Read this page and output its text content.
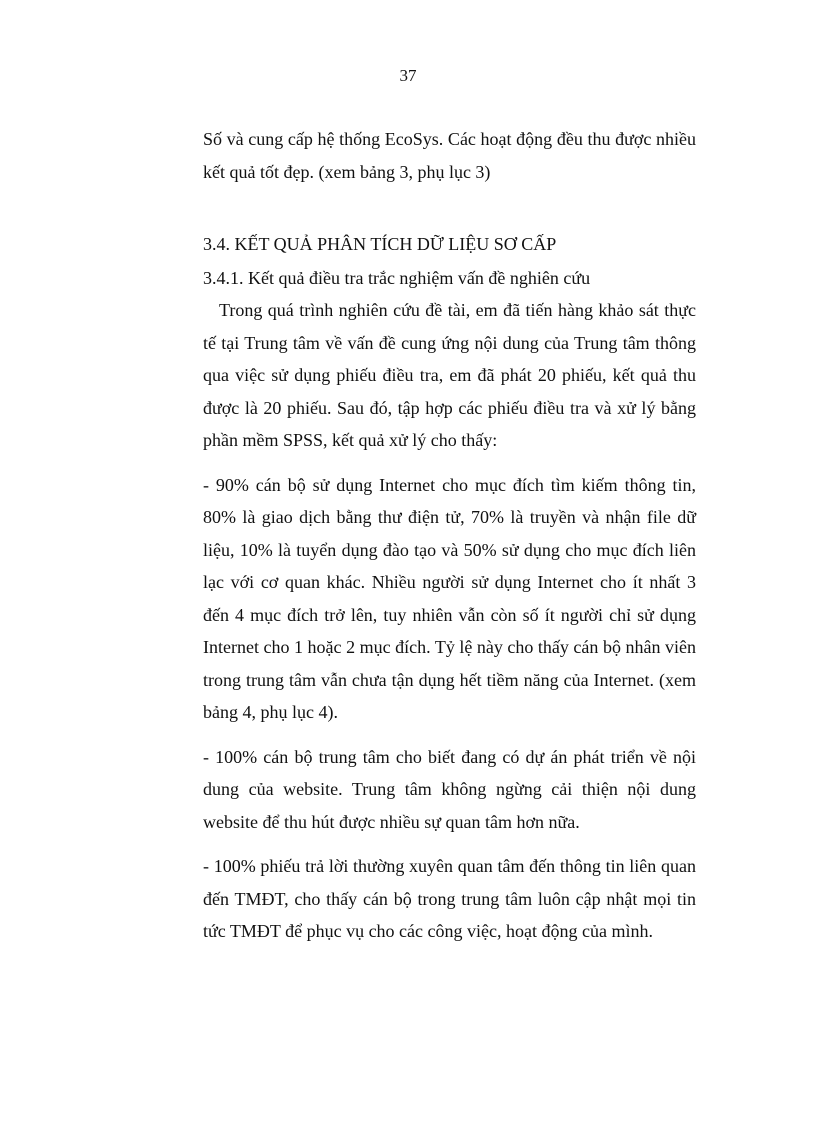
37

Số và cung cấp hệ thống EcoSys. Các hoạt động đều thu được nhiều kết quả tốt đẹp. (xem bảng 3, phụ lục 3)

3.4. KẾT QUẢ PHÂN TÍCH DỮ LIỆU SƠ CẤP
3.4.1. Kết quả điều tra trắc nghiệm vấn đề nghiên cứu

Trong quá trình nghiên cứu đề tài, em đã tiến hàng khảo sát thực tế tại Trung tâm về vấn đề cung ứng nội dung của Trung tâm thông qua việc sử dụng phiếu điều tra, em đã phát 20 phiếu, kết quả thu được là 20 phiếu. Sau đó, tập hợp các phiếu điều tra và xử lý bằng phần mềm SPSS, kết quả xử lý cho thấy:

- 90% cán bộ sử dụng Internet cho mục đích tìm kiếm thông tin, 80% là giao dịch bằng thư điện tử, 70% là truyền và nhận file dữ liệu, 10% là tuyển dụng đào tạo và 50% sử dụng cho mục đích liên lạc với cơ quan khác. Nhiều người sử dụng Internet cho ít nhất 3 đến 4 mục đích trở lên, tuy nhiên vẫn còn số ít người chỉ sử dụng Internet cho 1 hoặc 2 mục đích. Tỷ lệ này cho thấy cán bộ nhân viên trong trung tâm vẫn chưa tận dụng hết tiềm năng của Internet. (xem bảng 4, phụ lục 4).

- 100% cán bộ trung tâm cho biết đang có dự án phát triển về nội dung của website. Trung tâm không ngừng cải thiện nội dung website để thu hút được nhiều sự quan tâm hơn nữa.

- 100% phiếu trả lời thường xuyên quan tâm đến thông tin liên quan đến TMĐT, cho thấy cán bộ trong trung tâm luôn cập nhật mọi tin tức TMĐT để phục vụ cho các công việc, hoạt động của mình.
